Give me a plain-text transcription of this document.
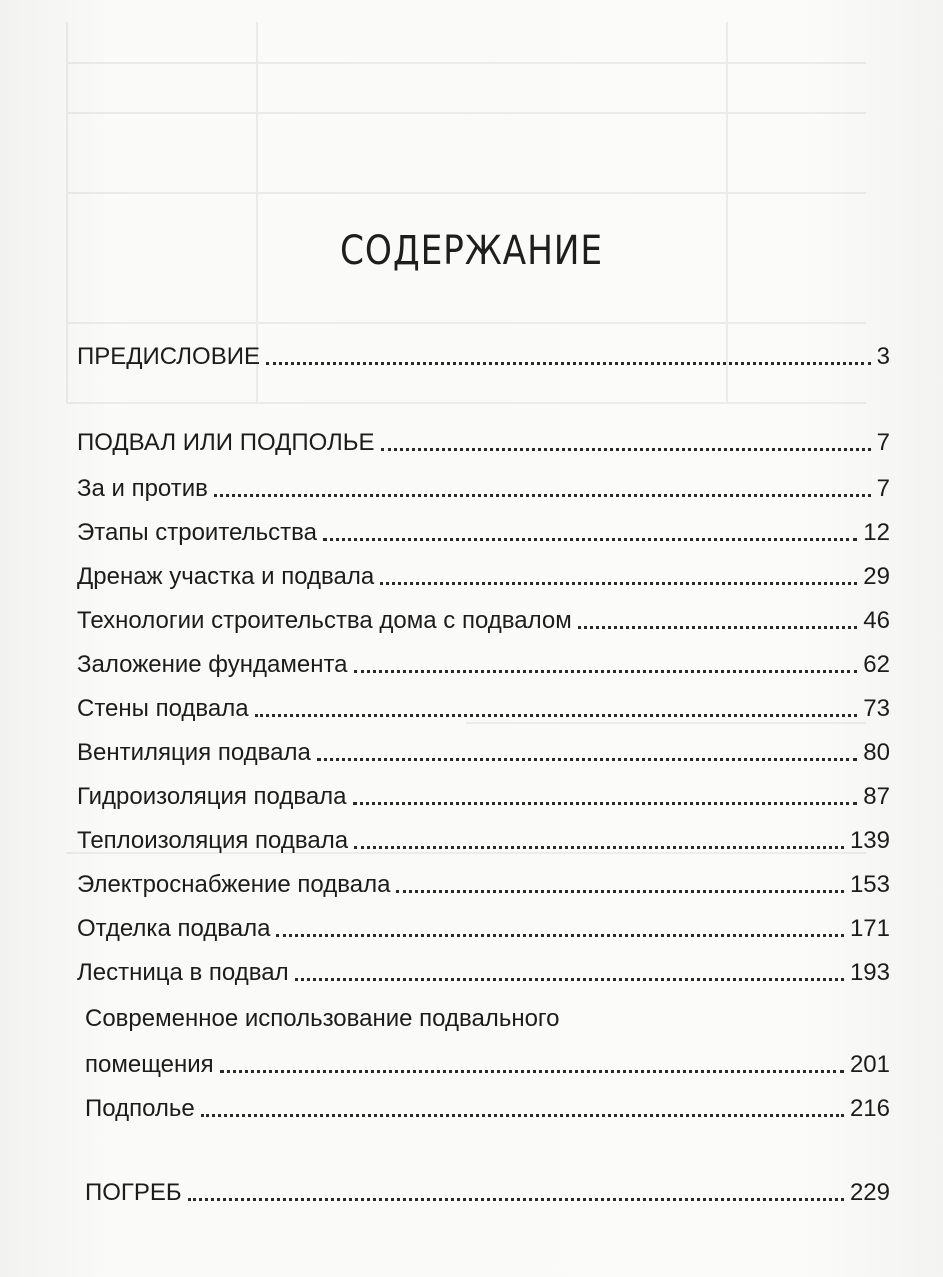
СОДЕРЖАНИЕ
ПРЕДИСЛОВИЕ	3
ПОДВАЛ ИЛИ ПОДПОЛЬЕ	7
За и против	7
Этапы строительства	12
Дренаж участка и подвала	29
Технологии строительства дома с подвалом	46
Заложение фундамента	62
Стены подвала	73
Вентиляция подвала	80
Гидроизоляция подвала	87
Теплоизоляция подвала	139
Электроснабжение подвала	153
Отделка подвала	171
Лестница в подвал	193
Современное использование подвального
помещения	201
Подполье	216
ПОГРЕБ	229
